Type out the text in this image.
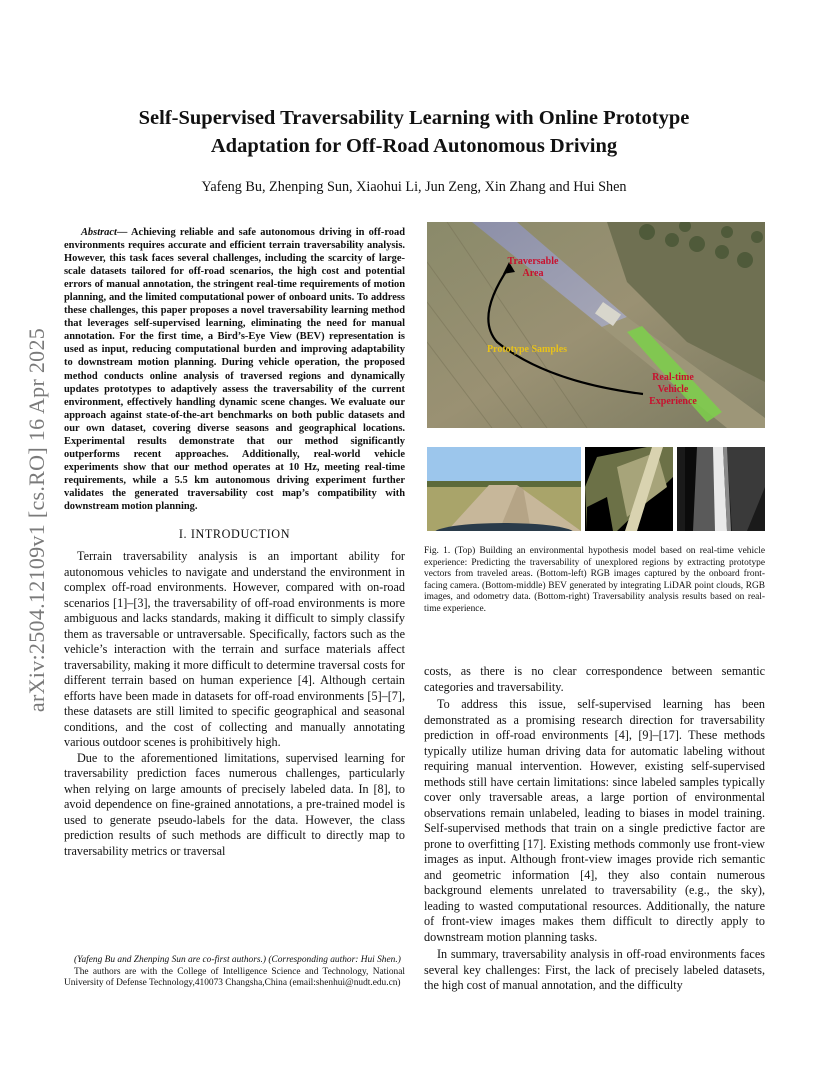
arXiv:2504.12109v1 [cs.RO] 16 Apr 2025
Self-Supervised Traversability Learning with Online Prototype
Adaptation for Off-Road Autonomous Driving
Yafeng Bu, Zhenping Sun, Xiaohui Li, Jun Zeng, Xin Zhang and Hui Shen

Abstract— Achieving reliable and safe autonomous driving in off-road environments requires accurate and efficient terrain traversability analysis. However, this task faces several challenges, including the scarcity of large-scale datasets tailored for off-road scenarios, the high cost and potential errors of manual annotation, the stringent real-time requirements of motion planning, and the limited computational power of onboard units. To address these challenges, this paper proposes a novel traversability learning method that leverages self-supervised learning, eliminating the need for manual annotation. For the first time, a Bird’s-Eye View (BEV) representation is used as input, reducing computational burden and improving adaptability to downstream motion planning. During vehicle operation, the proposed method conducts online analysis of traversed regions and dynamically updates prototypes to adaptively assess the traversability of the current environment, effectively handling dynamic scene changes. We evaluate our approach against state-of-the-art benchmarks on both public datasets and our own dataset, covering diverse seasons and geographical locations. Experimental results demonstrate that our method significantly outperforms recent approaches. Additionally, real-world vehicle experiments show that our method operates at 10 Hz, meeting real-time requirements, while a 5.5 km autonomous driving experiment further validates the generated traversability cost map’s compatibility with downstream motion planning.

I. INTRODUCTION

Terrain traversability analysis is an important ability for autonomous vehicles to navigate and understand the environment in complex off-road environments. However, compared with on-road scenarios [1]–[3], the traversability of off-road environments is more ambiguous and lacks standards, making it difficult to simply classify them as traversable or untraversable. Specifically, factors such as the vehicle’s interaction with the terrain and surface materials affect traversability, making it more difficult to determine traversal costs for different terrain based on human experience [4]. Although certain efforts have been made in datasets for off-road environments [5]–[7], these datasets are still limited to specific geographical and seasonal conditions, and the cost of collecting and manually annotating various outdoor scenes is prohibitively high.

Due to the aforementioned limitations, supervised learning for traversability prediction faces numerous challenges, particularly when relying on large amounts of precisely labeled data. In [8], to avoid dependence on fine-grained annotations, a pre-trained model is used to generate pseudo-labels for the data. However, the class prediction results of such methods are difficult to directly map to traversability metrics or traversal

(Yafeng Bu and Zhenping Sun are co-first authors.) (Corresponding author: Hui Shen.)

The authors are with the College of Intelligence Science and Technology, National University of Defense Technology,410073 Changsha,China (email:shenhui@nudt.edu.cn)

Traversable
Area
Prototype Samples
Real-time
Vehicle
Experience

Fig. 1. (Top) Building an environmental hypothesis model based on real-time vehicle experience: Predicting the traversability of unexplored regions by extracting prototype vectors from traveled areas. (Bottom-left) RGB images captured by the onboard front-facing camera. (Bottom-middle) BEV generated by integrating LiDAR point clouds, RGB images, and odometry data. (Bottom-right) Traversability analysis results based on real-time experience.

costs, as there is no clear correspondence between semantic categories and traversability.

To address this issue, self-supervised learning has been demonstrated as a promising research direction for traversability prediction in off-road environments [4], [9]–[17]. These methods typically utilize human driving data for automatic labeling without requiring manual intervention. However, existing self-supervised methods still have certain limitations: since labeled samples typically cover only traversable areas, a large portion of environmental observations remain unlabeled, leading to biases in model training. Self-supervised methods that train on a single predictive factor are prone to overfitting [17]. Existing methods commonly use front-view images as input. Although front-view images provide rich semantic and geometric information [4], they also contain numerous background elements unrelated to traversability (e.g., the sky), leading to wasted computational resources. Additionally, the nature of front-view images makes them difficult to directly apply to downstream motion planning tasks.

In summary, traversability analysis in off-road environments faces several key challenges: First, the lack of precisely labeled datasets, the high cost of manual annotation, and the difficulty
